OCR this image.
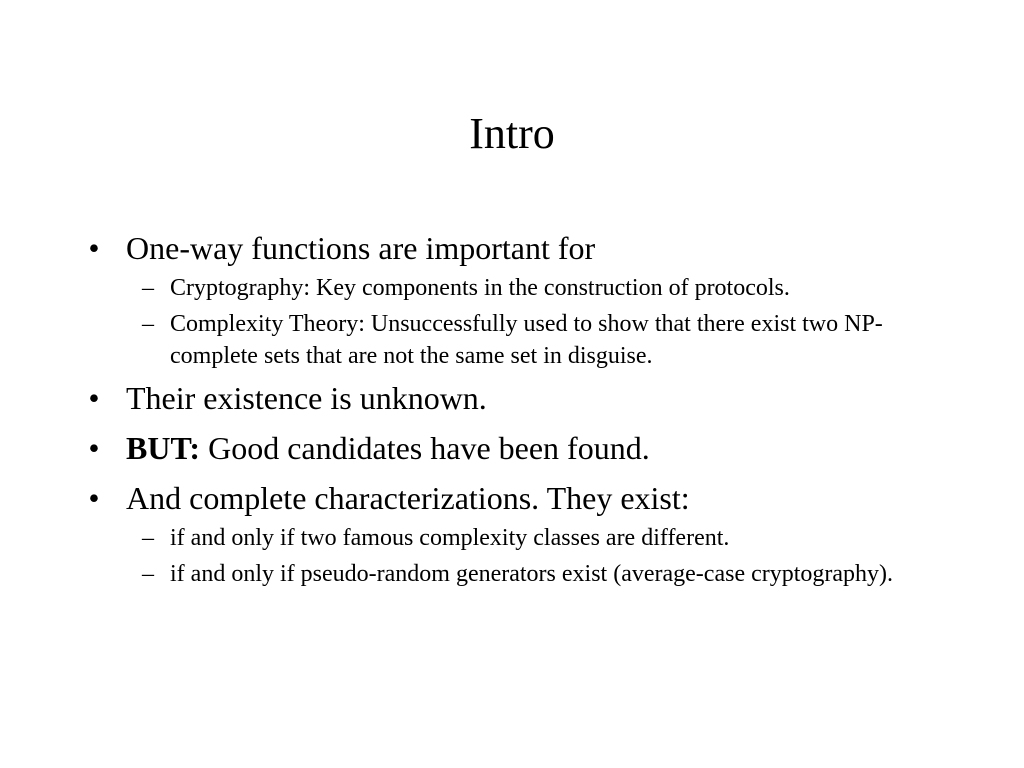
Intro
• One-way functions are important for
– Cryptography: Key components in the construction of protocols.
– Complexity Theory: Unsuccessfully used to show that there exist two NP-complete sets that are not the same set in disguise.
• Their existence is unknown.
• BUT: Good candidates have been found.
• And complete characterizations. They exist:
– if and only if two famous complexity classes are different.
– if and only if pseudo-random generators exist (average-case cryptography).
